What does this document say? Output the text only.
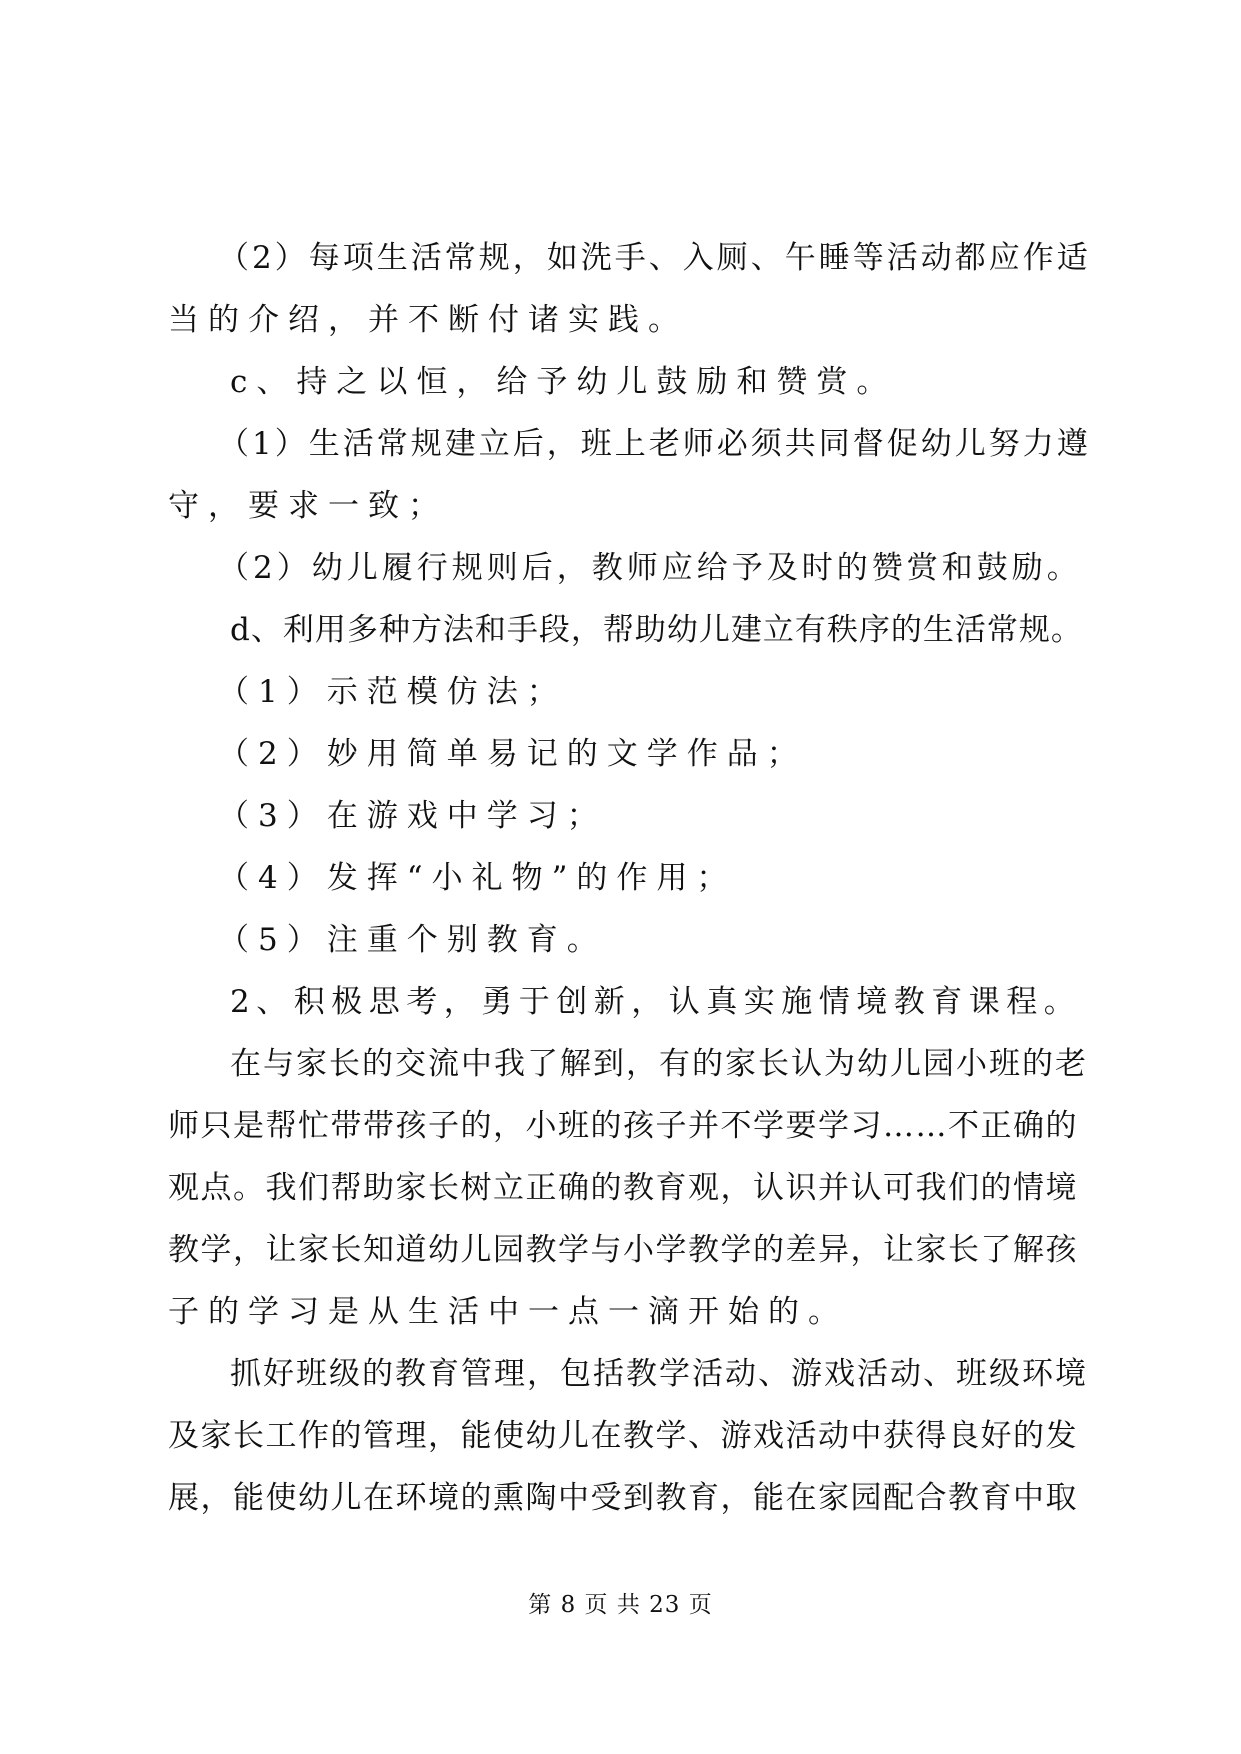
（2）每项生活常规，如洗手、入厕、午睡等活动都应作适
当的介绍，并不断付诸实践。
c、持之以恒，给予幼儿鼓励和赞赏。
（1）生活常规建立后，班上老师必须共同督促幼儿努力遵
守，要求一致；
（2）幼儿履行规则后，教师应给予及时的赞赏和鼓励。
d、利用多种方法和手段，帮助幼儿建立有秩序的生活常规。
（1）示范模仿法；
（2）妙用简单易记的文学作品；
（3）在游戏中学习；
（4）发挥“小礼物”的作用；
（5）注重个别教育。
2、积极思考，勇于创新，认真实施情境教育课程。
在与家长的交流中我了解到，有的家长认为幼儿园小班的老
师只是帮忙带带孩子的，小班的孩子并不学要学习……不正确的
观点。我们帮助家长树立正确的教育观，认识并认可我们的情境
教学，让家长知道幼儿园教学与小学教学的差异，让家长了解孩
子的学习是从生活中一点一滴开始的。
抓好班级的教育管理，包括教学活动、游戏活动、班级环境
及家长工作的管理，能使幼儿在教学、游戏活动中获得良好的发
展，能使幼儿在环境的熏陶中受到教育，能在家园配合教育中取
第 8 页 共 23 页
